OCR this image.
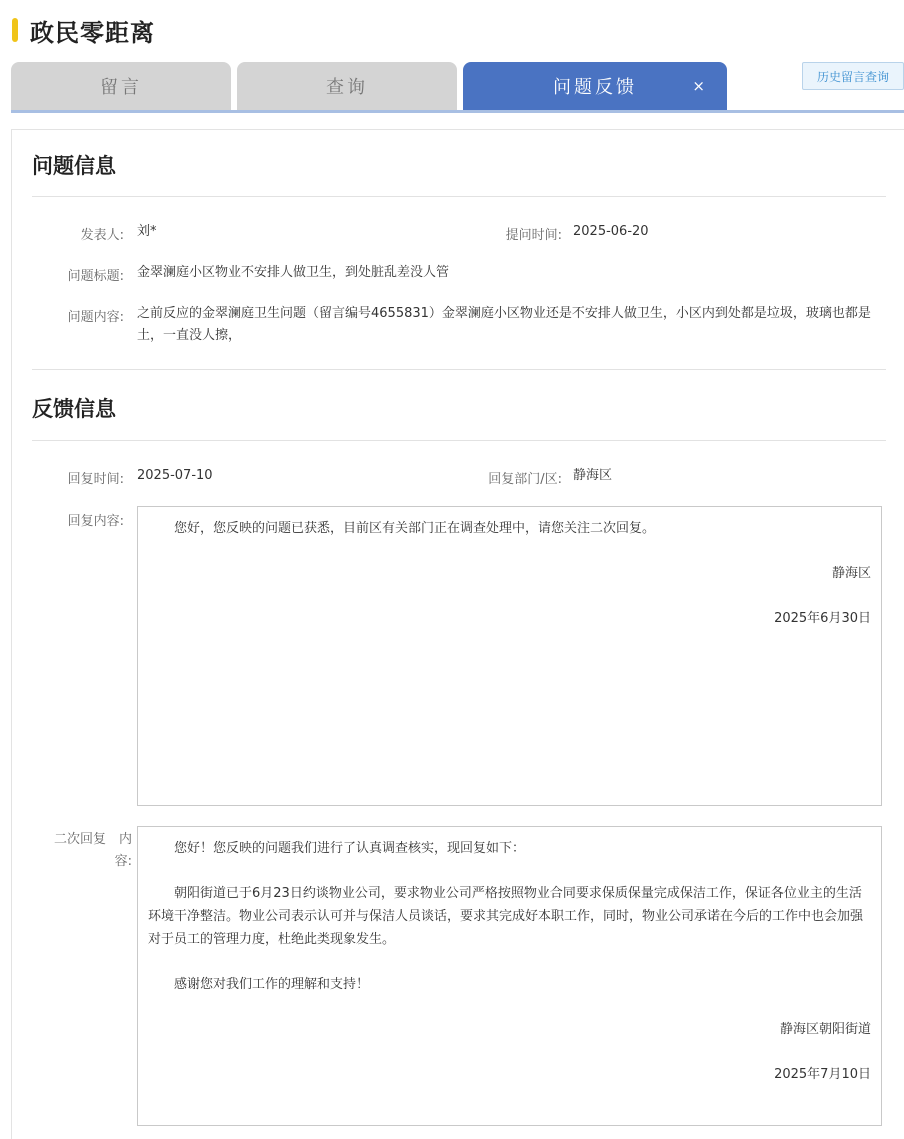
政民零距离
留言	查询	问题反馈	×
历史留言查询
问题信息
发表人: 刘*	提问时间: 2025-06-20
问题标题: 金翠澜庭小区物业不安排人做卫生，到处脏乱差没人管
问题内容: 之前反应的金翠澜庭卫生问题（留言编号4655831）金翠澜庭小区物业还是不安排人做卫生，小区内到处都是垃圾，玻璃也都是土，一直没人擦，
反馈信息
回复时间: 2025-07-10	回复部门/区: 静海区
回复内容:	您好，您反映的问题已获悉，目前区有关部门正在调查处理中，请您关注二次回复。

静海区

2025年6月30日

二次回复　内
容:

您好！您反映的问题我们进行了认真调查核实，现回复如下：

朝阳街道已于6月23日约谈物业公司，要求物业公司严格按照物业合同要求保质保量完成保洁工作，保证各位业主的生活环境干净整洁。物业公司表示认可并与保洁人员谈话，要求其完成好本职工作，同时，物业公司承诺在今后的工作中也会加强对于员工的管理力度，杜绝此类现象发生。

感谢您对我们工作的理解和支持！

静海区朝阳街道

2025年7月10日
